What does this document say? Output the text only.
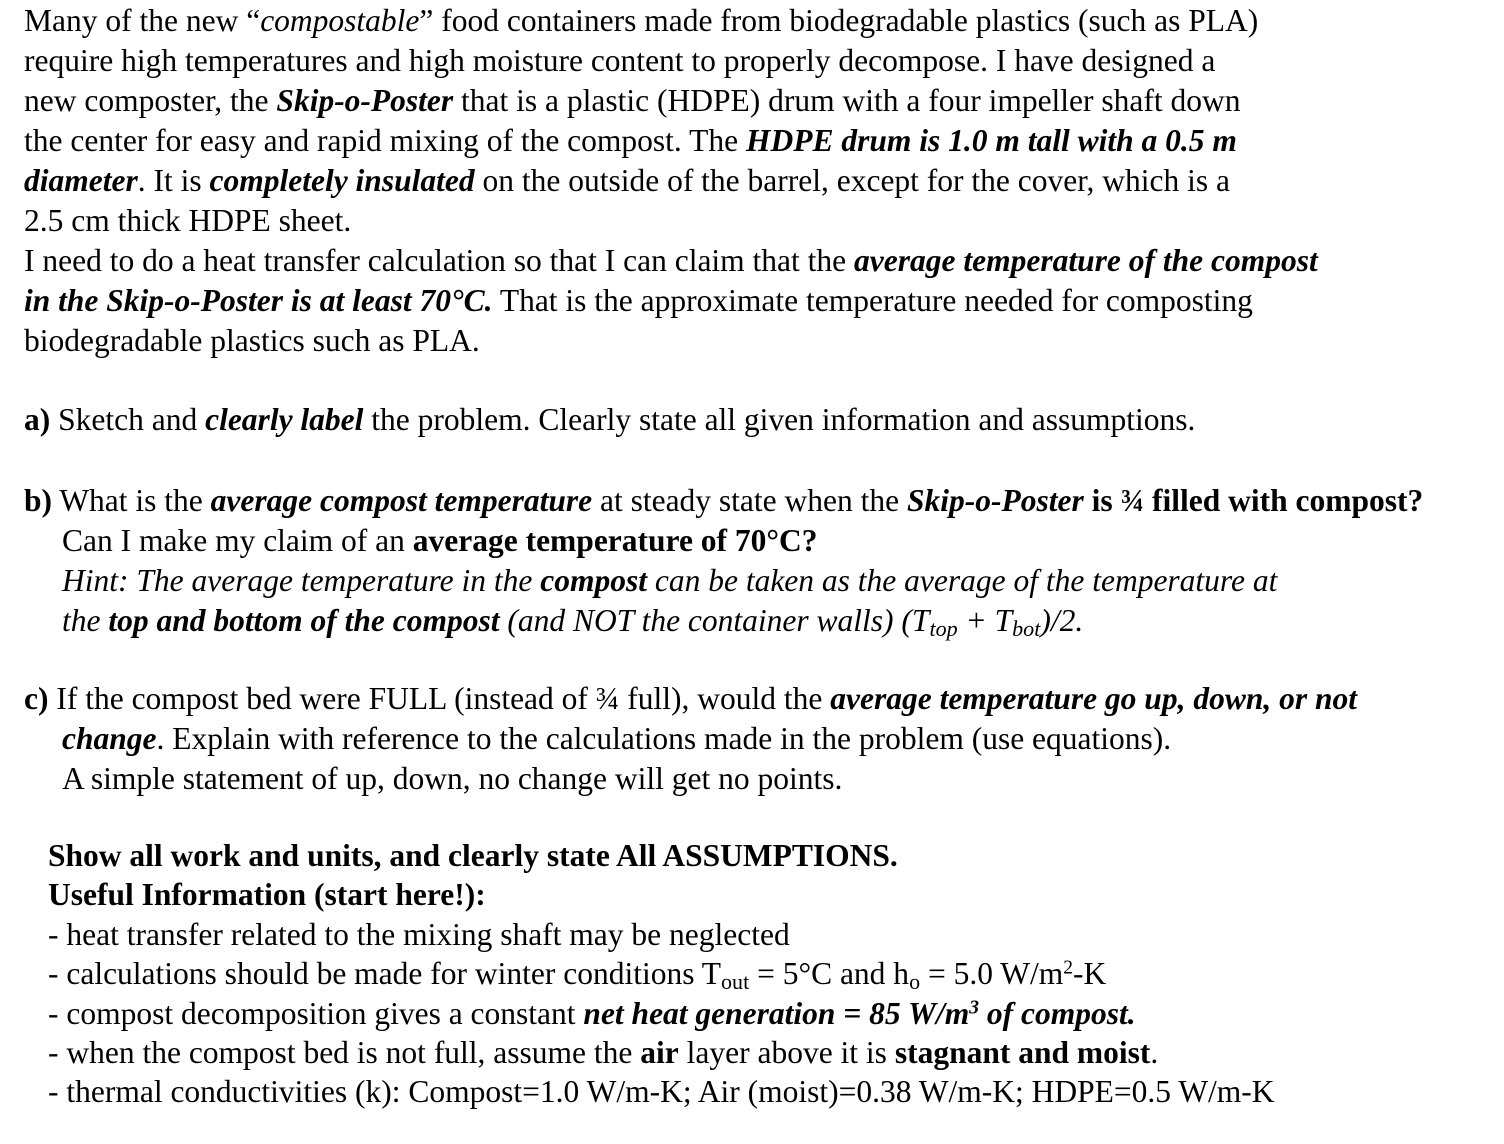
Many of the new “compostable” food containers made from biodegradable plastics (such as PLA)
require high temperatures and high moisture content to properly decompose. I have designed a
new composter, the Skip-o-Poster that is a plastic (HDPE) drum with a four impeller shaft down
the center for easy and rapid mixing of the compost. The HDPE drum is 1.0 m tall with a 0.5 m
diameter. It is completely insulated on the outside of the barrel, except for the cover, which is a
2.5 cm thick HDPE sheet.
I need to do a heat transfer calculation so that I can claim that the average temperature of the compost
in the Skip-o-Poster is at least 70°C. That is the approximate temperature needed for composting
biodegradable plastics such as PLA.
a) Sketch and clearly label the problem. Clearly state all given information and assumptions.
b) What is the average compost temperature at steady state when the Skip-o-Poster is ¾ filled with compost?
Can I make my claim of an average temperature of 70°C?
Hint: The average temperature in the compost can be taken as the average of the temperature at
the top and bottom of the compost (and NOT the container walls) $(T_{top} + T_{bot})/2$.
c) If the compost bed were FULL (instead of ¾ full), would the average temperature go up, down, or not
change. Explain with reference to the calculations made in the problem (use equations).
A simple statement of up, down, no change will get no points.
Show all work and units, and clearly state All ASSUMPTIONS.
Useful Information (start here!):
- heat transfer related to the mixing shaft may be neglected
- calculations should be made for winter conditions $T_{out} = 5^\circ C$ and $h_o = 5.0$ $W/m^2-K$
- compost decomposition gives a constant net heat generation = 85 $W/m^3$ of compost.
- when the compost bed is not full, assume the air layer above it is stagnant and moist.
- thermal conductivities (k): Compost=1.0 W/m-K; Air (moist)=0.38 W/m-K; HDPE=0.5 W/m-K
